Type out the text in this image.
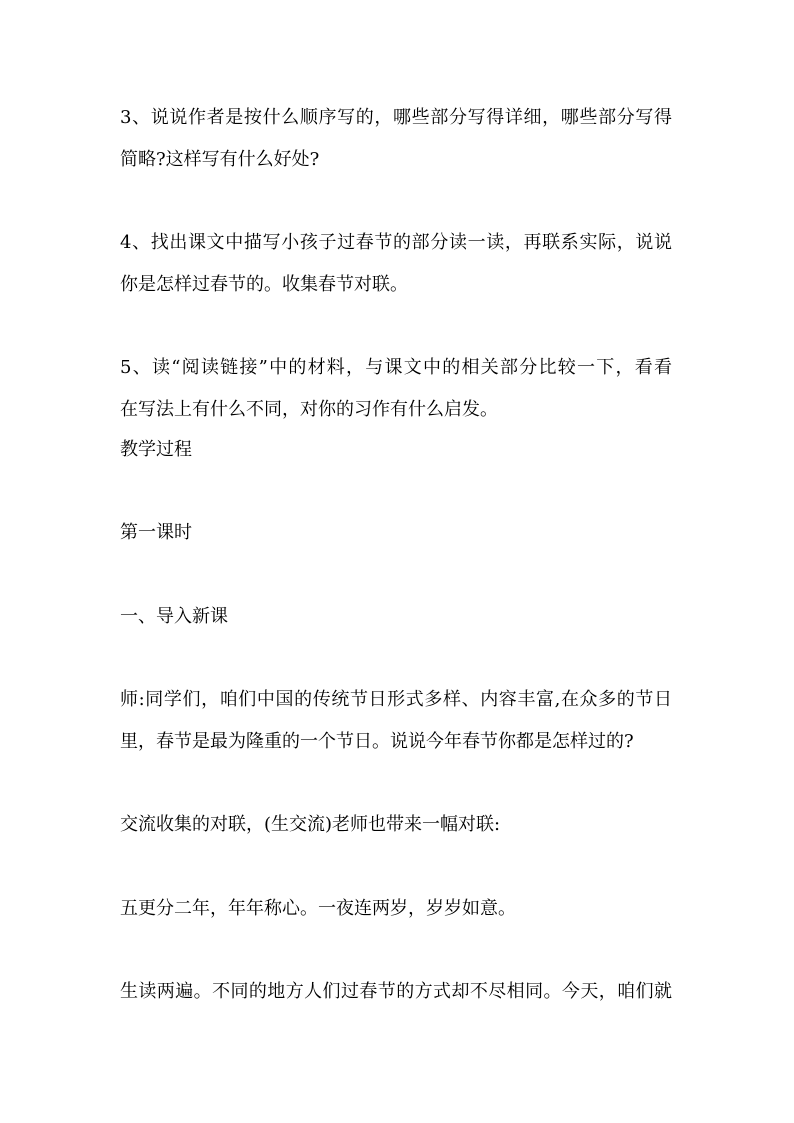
3、说说作者是按什么顺序写的，哪些部分写得详细，哪些部分写得
简略?这样写有什么好处?
4、找出课文中描写小孩子过春节的部分读一读，再联系实际，说说
你是怎样过春节的。收集春节对联。
5、读“阅读链接”中的材料，与课文中的相关部分比较一下，看看
在写法上有什么不同，对你的习作有什么启发。
教学过程
第一课时
一、导入新课
师:同学们，咱们中国的传统节日形式多样、内容丰富,在众多的节日
里，春节是最为隆重的一个节日。说说今年春节你都是怎样过的?
交流收集的对联，(生交流)老师也带来一幅对联:
五更分二年，年年称心。一夜连两岁，岁岁如意。
生读两遍。不同的地方人们过春节的方式却不尽相同。今天，咱们就
